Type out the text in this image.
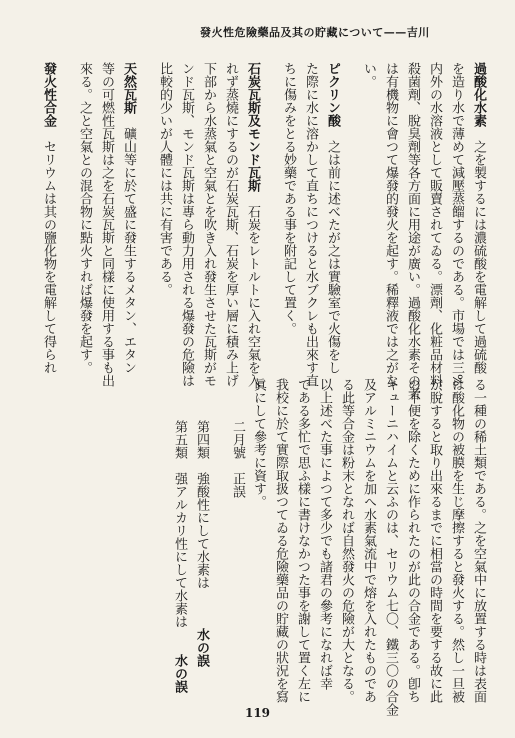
發火性危險藥品及其の貯藏について——吉川
過酸化水素　之を製するには濃硫酸を電解して過硫酸
を造り水で薄めて減壓蒸餾するのである。市場では三%
内外の水溶液として販賣されてゐる。漂劑、化粧品材料、
殺菌劑、脫臭劑等各方面に用途が廣い。過酸化水素その者
は有機物に會つて爆發的發火を起す。稀釋液では之がな
い。
ピクリン酸　之は前に述べたが之は實驗室で火傷をし
た際に水に溶かして直ちにつけると水ブクレも出來す直
ちに傷みをとる妙藥である事を附記して置く。
石炭瓦斯及モンド瓦斯　石炭をレトルトに入れ空氣を入
れず蒸燒にするのが石炭瓦斯、石炭を厚い層に積み上げ
下部から水蒸氣と空氣とを吹き入れ發生させた瓦斯がモ
ンド瓦斯、モンド瓦斯は專ら動力用される爆發の危險は
比較的少いが人體には共に有害である。
天然瓦斯　礦山等に於て盛に發生するメタン、エタン
等の可燃性瓦斯は之を石炭瓦斯と同樣に使用する事も出
來る。之と空氣との混合物に點火すれば爆發を起す。
發火性合金　セリウムは其の鹽化物を電解して得られ
る一種の稀土類である。之を空氣中に放置する時は表面
は酸化物の被膜を生じ摩擦すると發火する。然し一旦被
が脫すると取り出來るまでに相當の時間を要する故に此
の不便を除くために作られたのが此の合金である。卽ち
キューニハイムと云ふのは、セリウム七〇、鐵三〇の合金
及アルミニウムを加へ水素氣流中で熔を入れたものであ
る此等合金は粉末となれば自然發火の危險が大となる。
以上述べた事によつて多少でも諸君の參考になれば幸
である多忙で思ふ樣に書けなかつた事を謝して置く左に
我校に於て實際取扱つてゐる危險藥品の貯藏の狀況を寫
眞にして參考に資す。
二月號　正誤
第四類　強酸性にして水素は　　　水の誤
第五類　强アルカリ性にして水素は　　水の誤
119
